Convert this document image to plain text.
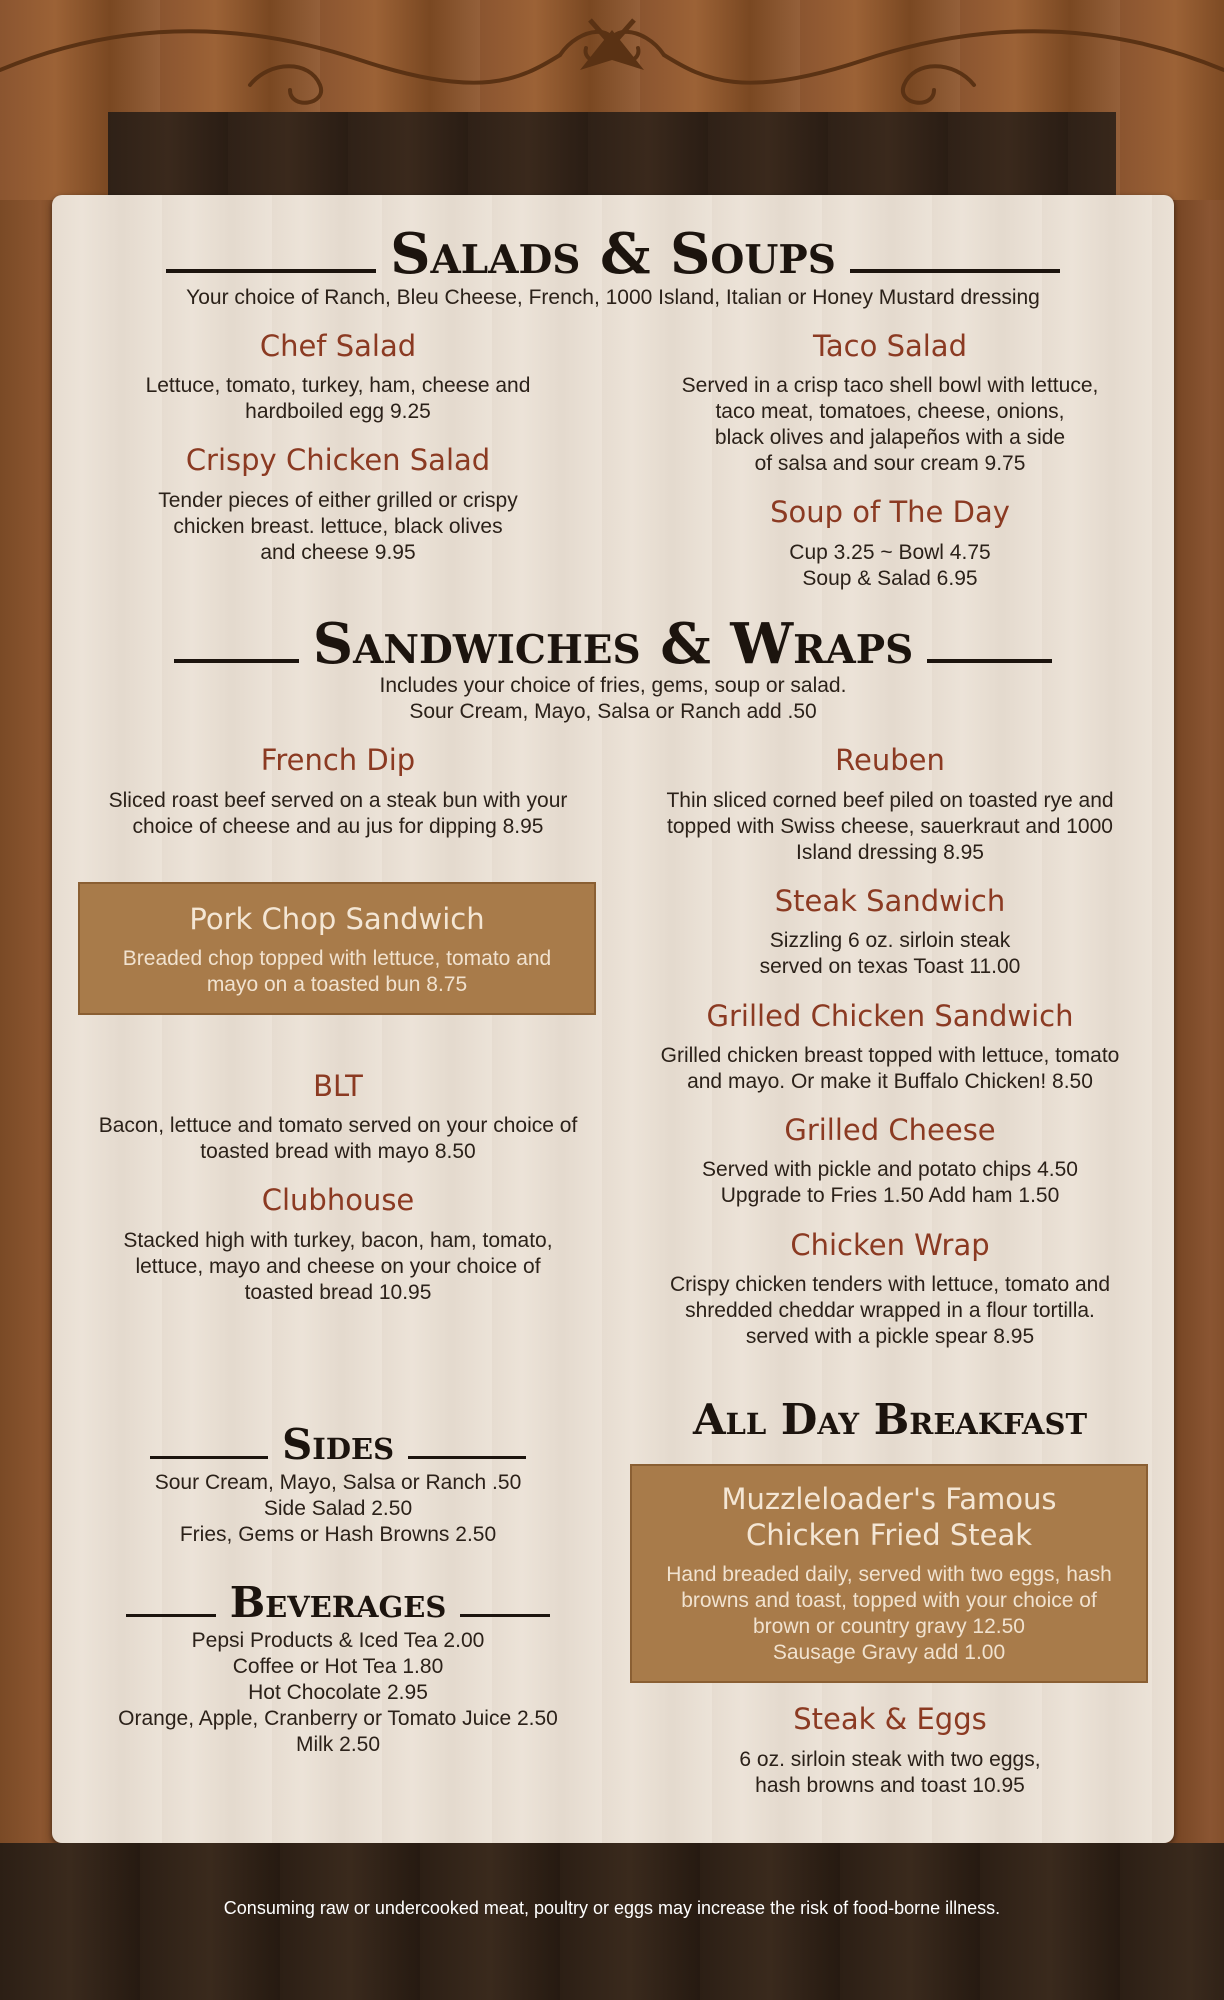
Salads & Soups
Your choice of Ranch, Bleu Cheese, French, 1000 Island, Italian or Honey Mustard dressing
Chef Salad
Lettuce, tomato, turkey, ham, cheese and
hardboiled egg 9.25
Crispy Chicken Salad
Tender pieces of either grilled or crispy
chicken breast. lettuce, black olives
and cheese 9.95
Taco Salad
Served in a crisp taco shell bowl with lettuce,
taco meat, tomatoes, cheese, onions,
black olives and jalapeños with a side
of salsa and sour cream 9.75
Soup of The Day
Cup 3.25 ~ Bowl 4.75
Soup & Salad 6.95
Sandwiches & Wraps
Includes your choice of fries, gems, soup or salad.
Sour Cream, Mayo, Salsa or Ranch add .50
French Dip
Sliced roast beef served on a steak bun with your
choice of cheese and au jus for dipping 8.95
Pork Chop Sandwich
Breaded chop topped with lettuce, tomato and
mayo on a toasted bun 8.75
BLT
Bacon, lettuce and tomato served on your choice of
toasted bread with mayo 8.50
Clubhouse
Stacked high with turkey, bacon, ham, tomato,
lettuce, mayo and cheese on your choice of
toasted bread 10.95
Reuben
Thin sliced corned beef piled on toasted rye and
topped with Swiss cheese, sauerkraut and 1000
Island dressing 8.95
Steak Sandwich
Sizzling 6 oz. sirloin steak
served on texas Toast 11.00
Grilled Chicken Sandwich
Grilled chicken breast topped with lettuce, tomato
and mayo. Or make it Buffalo Chicken! 8.50
Grilled Cheese
Served with pickle and potato chips 4.50
Upgrade to Fries 1.50 Add ham 1.50
Chicken Wrap
Crispy chicken tenders with lettuce, tomato and
shredded cheddar wrapped in a flour tortilla.
served with a pickle spear 8.95
Sides
Sour Cream, Mayo, Salsa or Ranch .50
Side Salad 2.50
Fries, Gems or Hash Browns 2.50
Beverages
Pepsi Products & Iced Tea 2.00
Coffee or Hot Tea 1.80
Hot Chocolate 2.95
Orange, Apple, Cranberry or Tomato Juice 2.50
Milk 2.50
All Day Breakfast
Muzzleloader's Famous
Chicken Fried Steak
Hand breaded daily, served with two eggs, hash
browns and toast, topped with your choice of
brown or country gravy 12.50
Sausage Gravy add 1.00
Steak & Eggs
6 oz. sirloin steak with two eggs,
hash browns and toast 10.95
Consuming raw or undercooked meat, poultry or eggs may increase the risk of food-borne illness.
